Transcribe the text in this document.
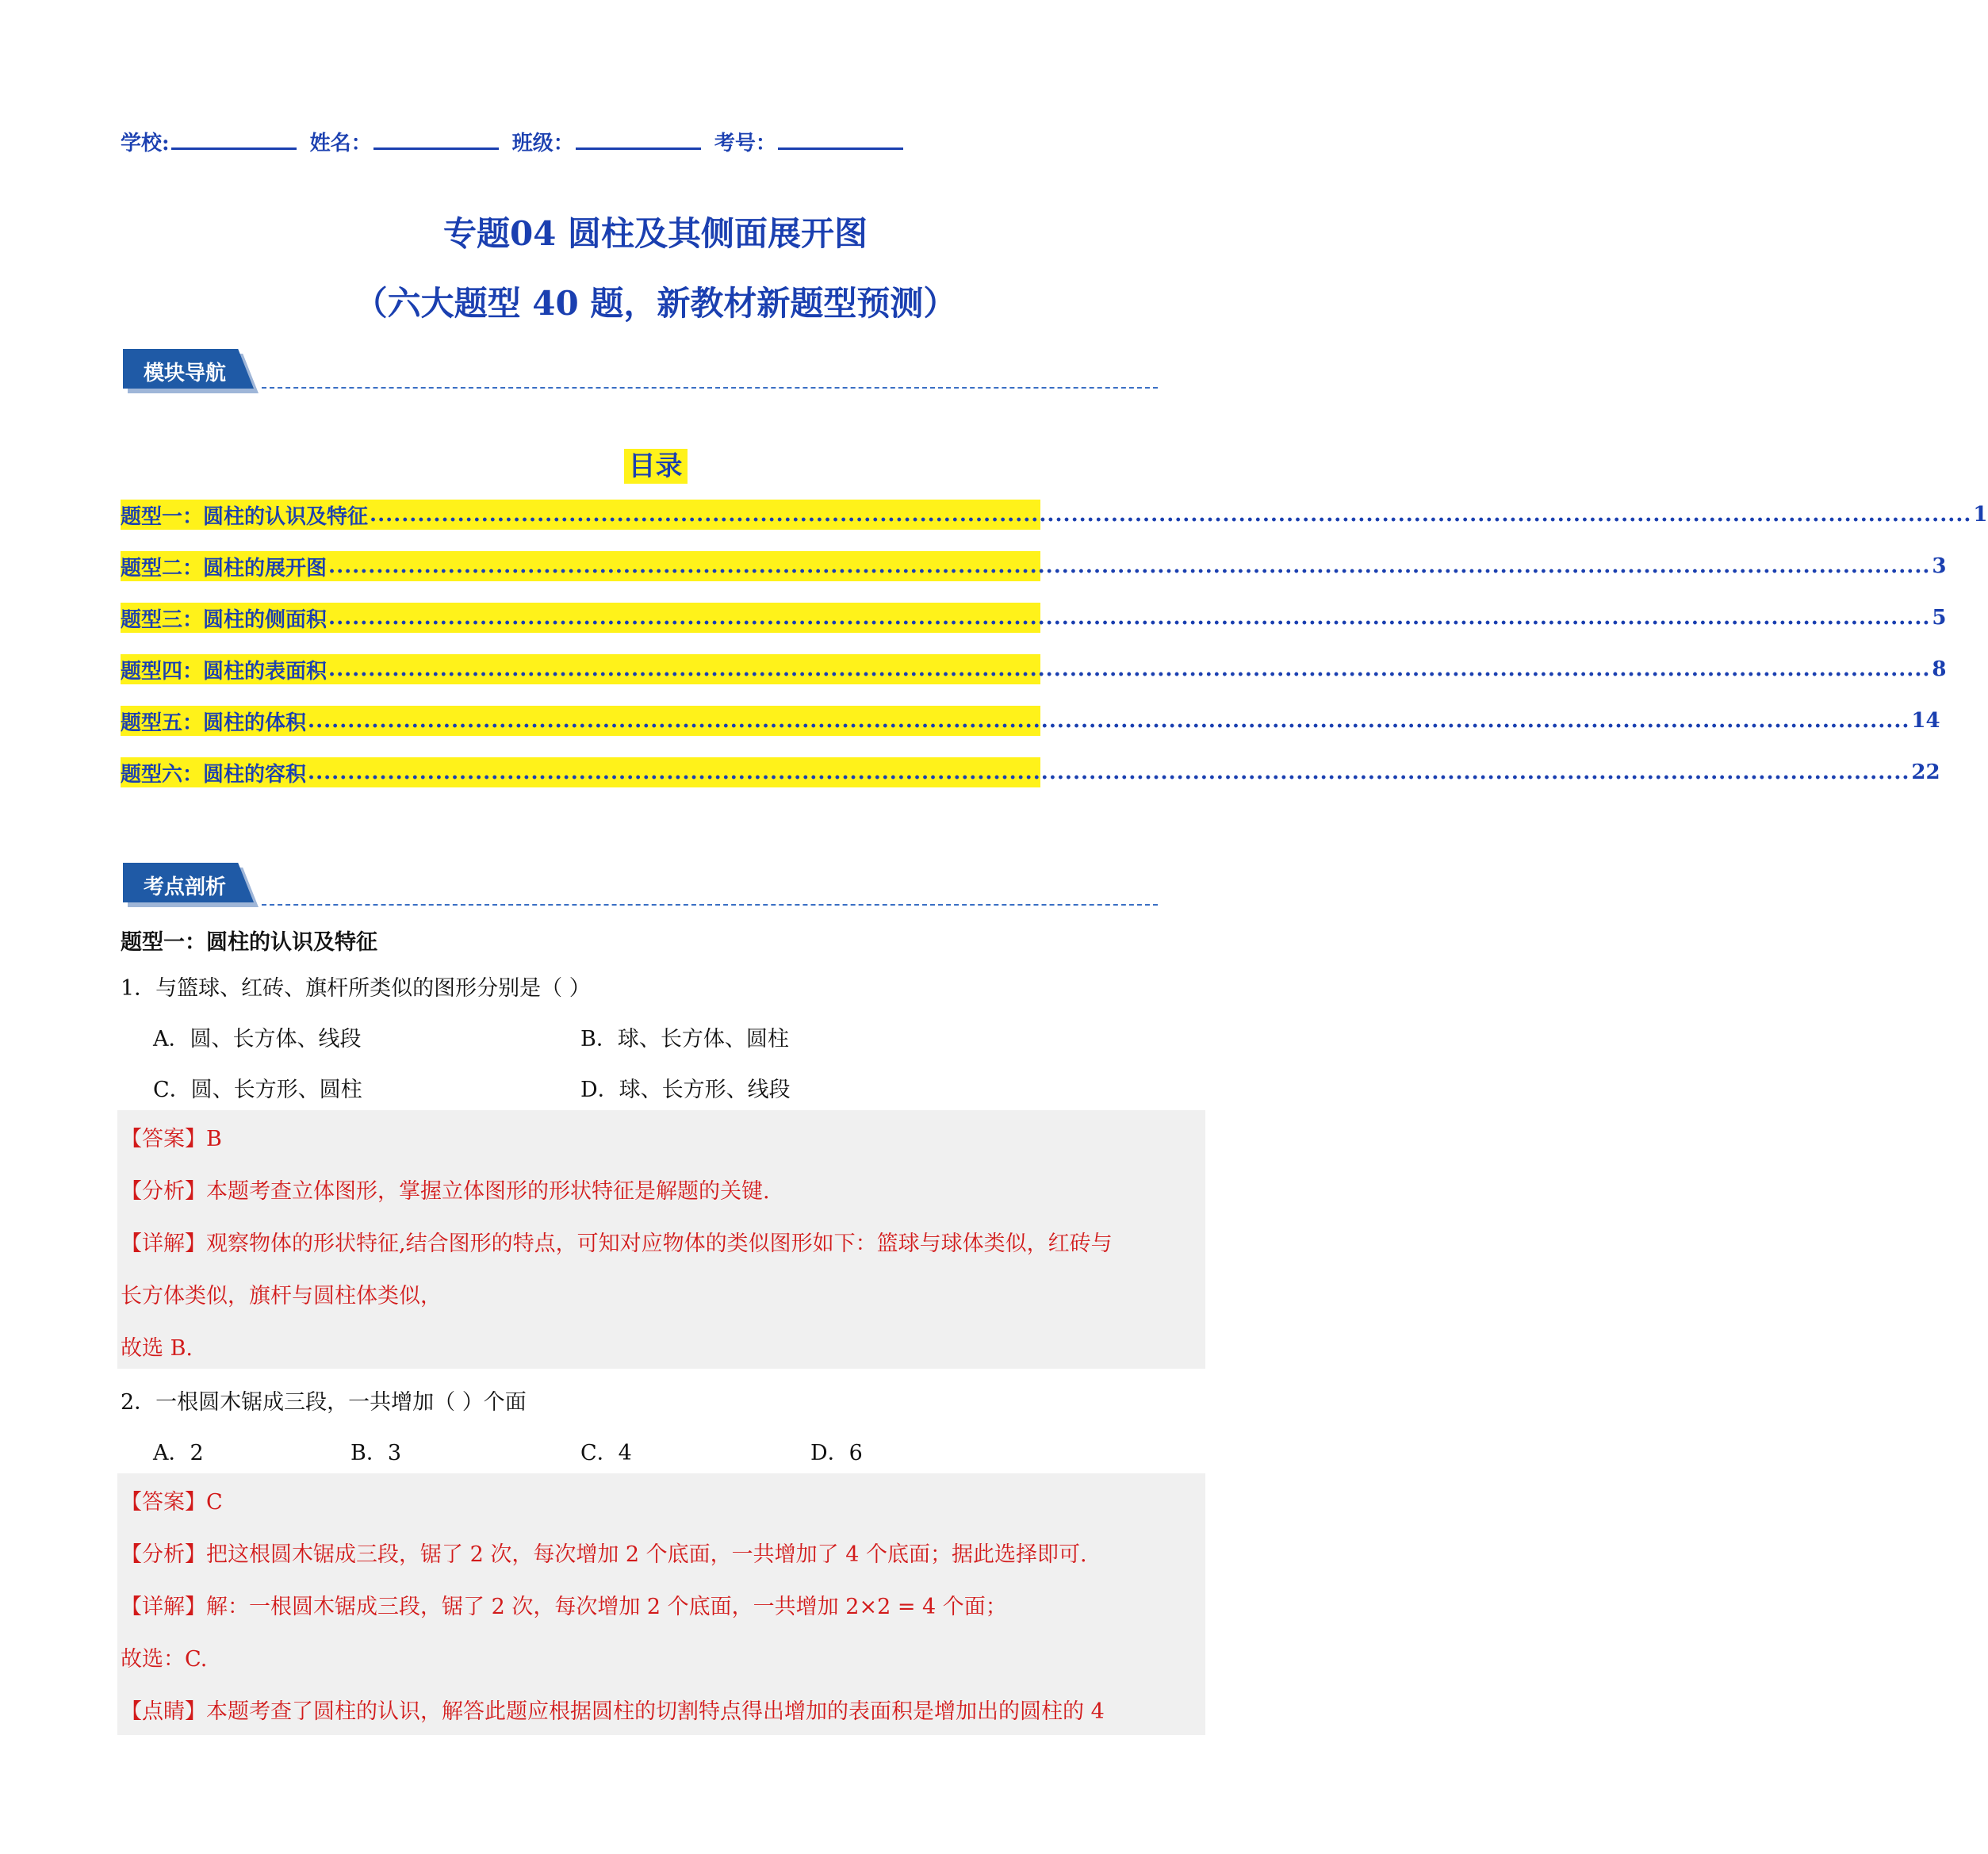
学校:	姓名：	班级：	考号：
专题04 圆柱及其侧面展开图
（六大题型 40 题，新教材新题型预测）
模块导航
目录
题型一：圆柱的认识及特征 ......................................................................................................................................................................................................... 1
题型二：圆柱的展开图 ......................................................................................................................................................................................................... 3
题型三：圆柱的侧面积 ......................................................................................................................................................................................................... 5
题型四：圆柱的表面积 ......................................................................................................................................................................................................... 8
题型五：圆柱的体积 ......................................................................................................................................................................................................... 14
题型六：圆柱的容积 ......................................................................................................................................................................................................... 22
考点剖析
题型一：圆柱的认识及特征
1．与篮球、红砖、旗杆所类似的图形分别是（ ）
A．圆、长方体、线段	B．球、长方体、圆柱
C．圆、长方形、圆柱	D．球、长方形、线段
【答案】B
【分析】本题考查立体图形，掌握立体图形的形状特征是解题的关键.
【详解】观察物体的形状特征,结合图形的特点，可知对应物体的类似图形如下：篮球与球体类似，红砖与
长方体类似，旗杆与圆柱体类似，
故选 B.
2．一根圆木锯成三段，一共增加（ ）个面
A．2	B．3	C．4	D．6
【答案】C
【分析】把这根圆木锯成三段，锯了 2 次，每次增加 2 个底面，一共增加了 4 个底面；据此选择即可.
【详解】解：一根圆木锯成三段，锯了 2 次，每次增加 2 个底面，一共增加 2×2 = 4 个面；
故选：C.
【点睛】本题考查了圆柱的认识，解答此题应根据圆柱的切割特点得出增加的表面积是增加出的圆柱的 4
